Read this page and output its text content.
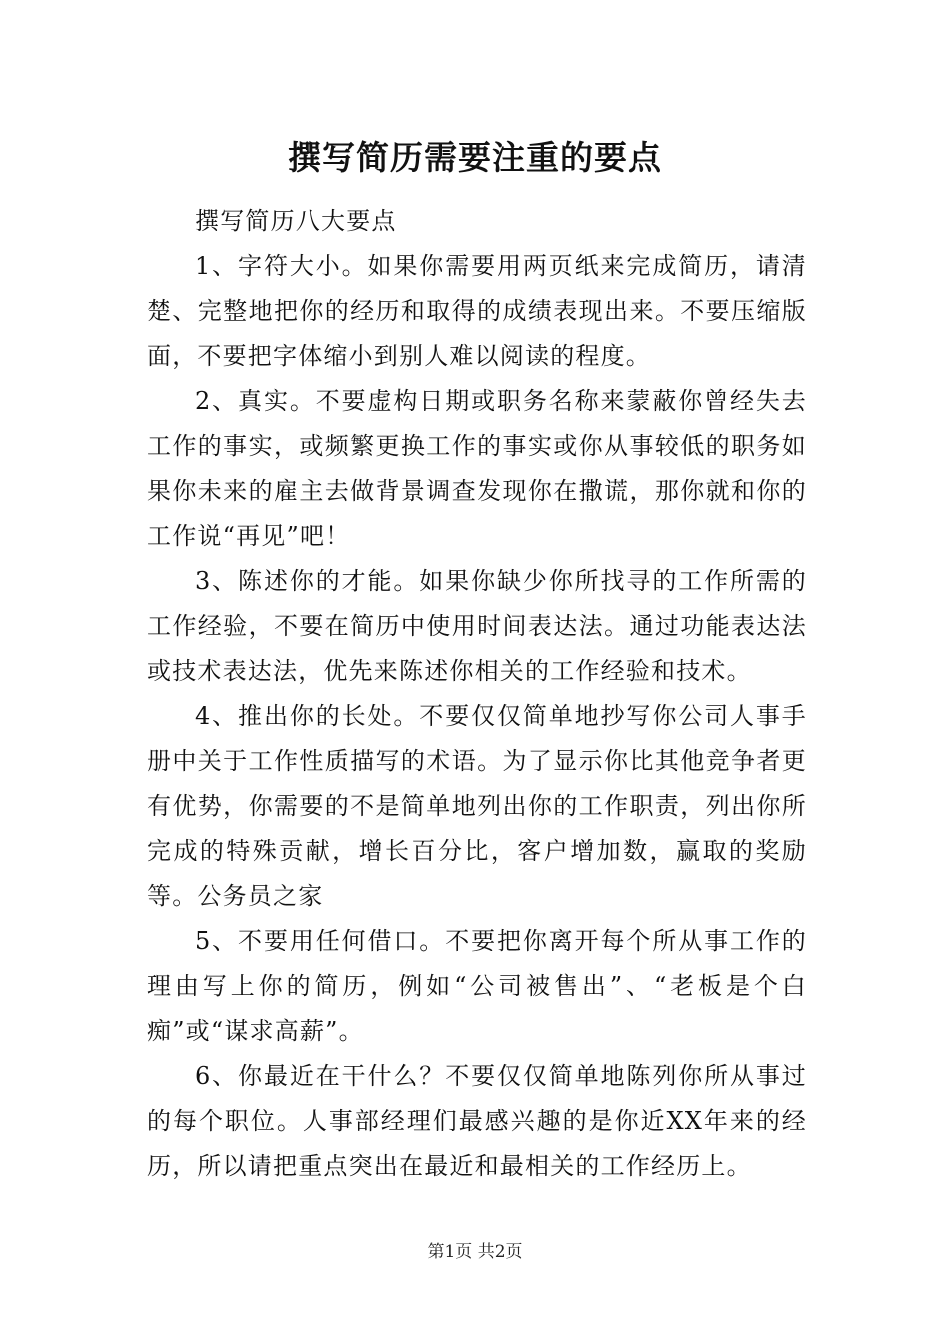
撰写简历需要注重的要点

撰写简历八大要点

1、字符大小。如果你需要用两页纸来完成简历，请清楚、完整地把你的经历和取得的成绩表现出来。不要压缩版面，不要把字体缩小到别人难以阅读的程度。

2、真实。不要虚构日期或职务名称来蒙蔽你曾经失去工作的事实，或频繁更换工作的事实或你从事较低的职务如果你未来的雇主去做背景调查发现你在撒谎，那你就和你的工作说“再见”吧！

3、陈述你的才能。如果你缺少你所找寻的工作所需的工作经验，不要在简历中使用时间表达法。通过功能表达法或技术表达法，优先来陈述你相关的工作经验和技术。

4、推出你的长处。不要仅仅简单地抄写你公司人事手册中关于工作性质描写的术语。为了显示你比其他竞争者更有优势，你需要的不是简单地列出你的工作职责，列出你所完成的特殊贡献，增长百分比，客户增加数，赢取的奖励等。公务员之家

5、不要用任何借口。不要把你离开每个所从事工作的理由写上你的简历，例如“公司被售出”、“老板是个白痴”或“谋求高薪”。

6、你最近在干什么？不要仅仅简单地陈列你所从事过的每个职位。人事部经理们最感兴趣的是你近XX年来的经历，所以请把重点突出在最近和最相关的工作经历上。

第1页 共2页
